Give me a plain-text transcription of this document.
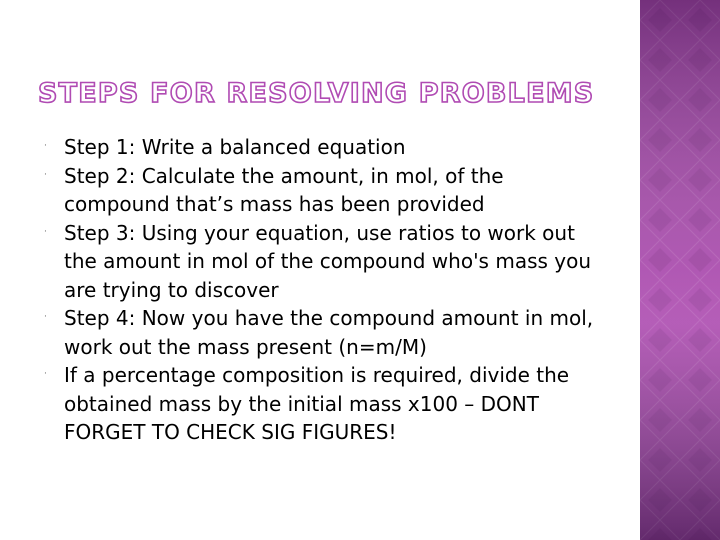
STEPS FOR RESOLVING PROBLEMS
· Step 1: Write a balanced equation
· Step 2: Calculate the amount, in mol, of the compound that’s mass has been provided
· Step 3: Using your equation, use ratios to work out the amount in mol of the compound who's mass you are trying to discover
· Step 4: Now you have the compound amount in mol, work out the mass present (n=m/M)
· If a percentage composition is required, divide the obtained mass by the initial mass x100 – DONT FORGET TO CHECK SIG FIGURES!
